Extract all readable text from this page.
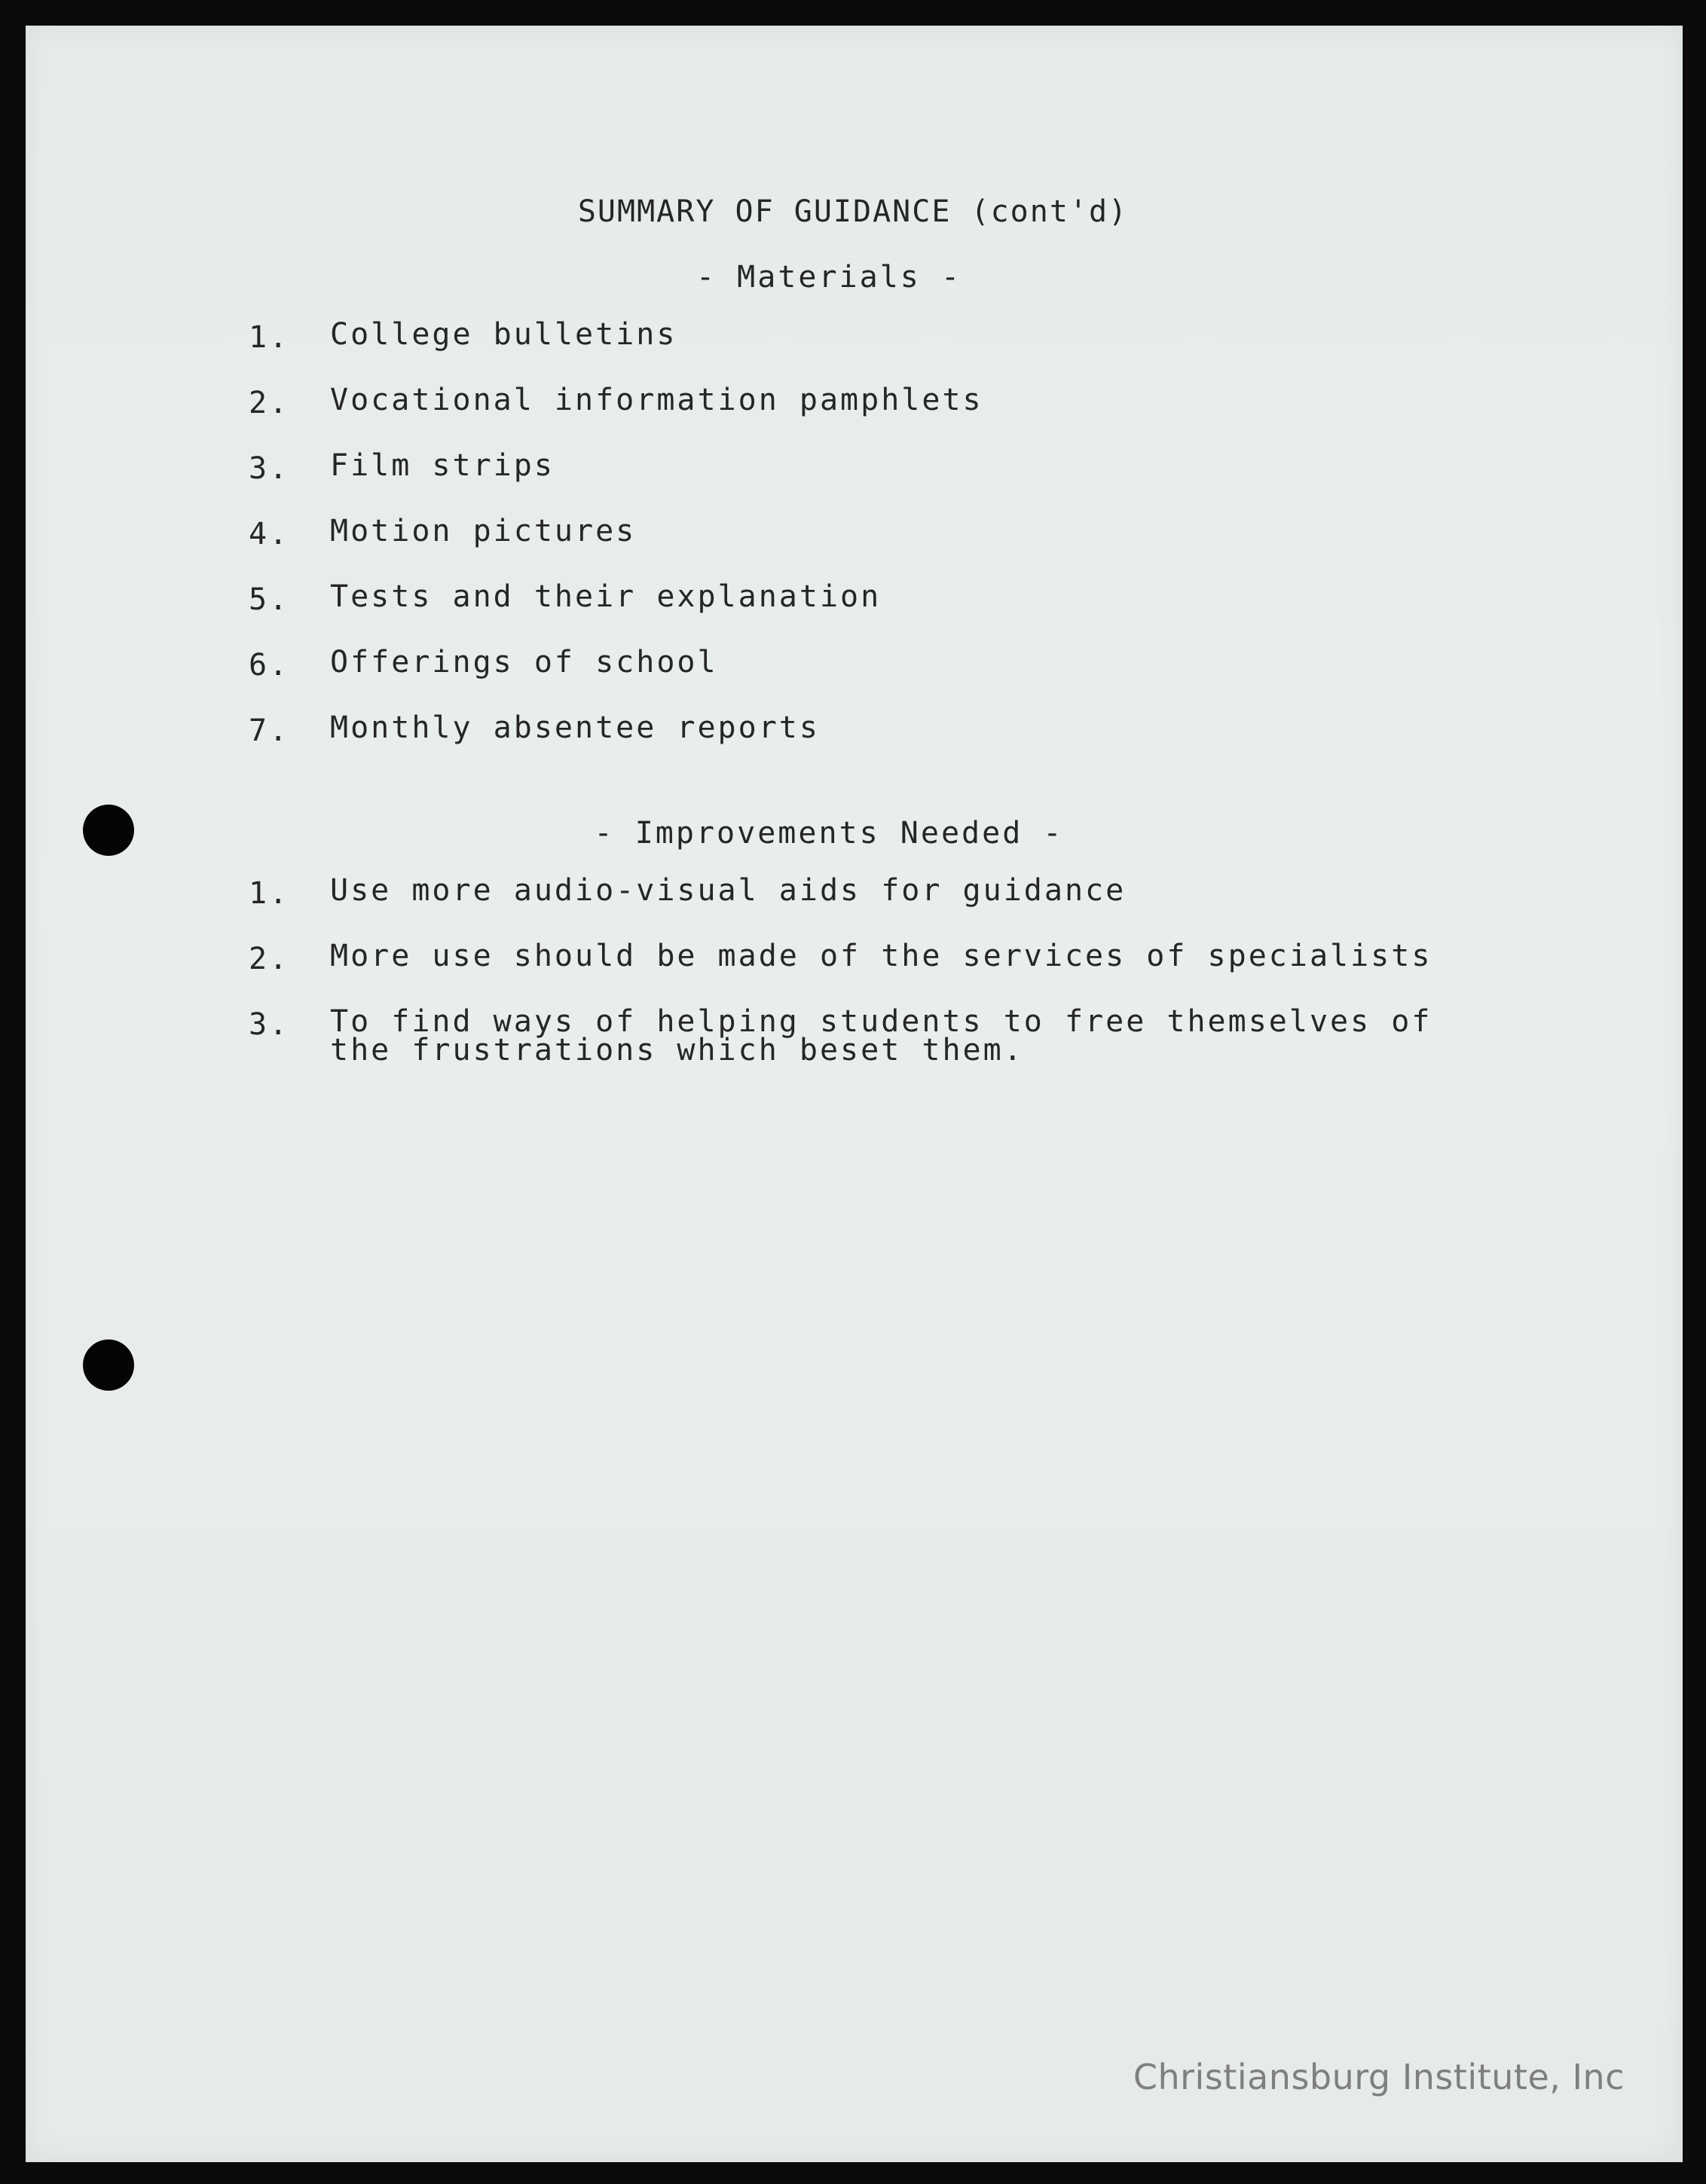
SUMMARY OF GUIDANCE (cont'd)
- Materials -
1.	College bulletins
2.	Vocational information pamphlets
3.	Film strips
4.	Motion pictures
5.	Tests and their explanation
6.	Offerings of school
7.	Monthly absentee reports
- Improvements Needed -
1.	Use more audio-visual aids for guidance
2.	More use should be made of the services of specialists
3.	To find ways of helping students to free themselves of the frustrations which beset them.
Christiansburg Institute, Inc
